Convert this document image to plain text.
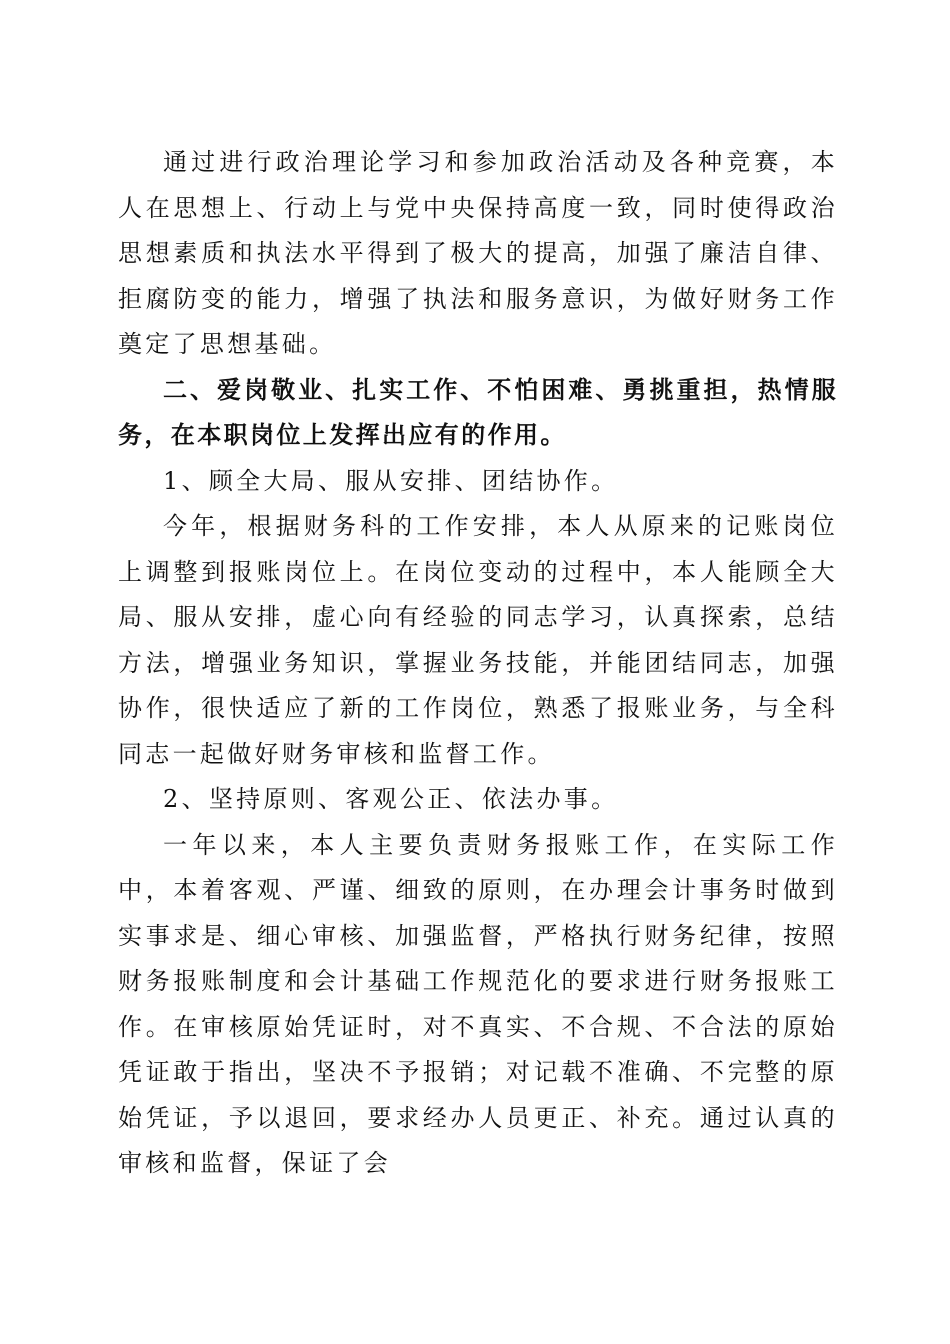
通过进行政治理论学习和参加政治活动及各种竞赛，本人在思想上、行动上与党中央保持高度一致，同时使得政治思想素质和执法水平得到了极大的提高，加强了廉洁自律、拒腐防变的能力，增强了执法和服务意识，为做好财务工作奠定了思想基础。

二、爱岗敬业、扎实工作、不怕困难、勇挑重担，热情服务，在本职岗位上发挥出应有的作用。

1、顾全大局、服从安排、团结协作。

今年，根据财务科的工作安排，本人从原来的记账岗位上调整到报账岗位上。在岗位变动的过程中，本人能顾全大局、服从安排，虚心向有经验的同志学习，认真探索，总结方法，增强业务知识，掌握业务技能，并能团结同志，加强协作，很快适应了新的工作岗位，熟悉了报账业务，与全科同志一起做好财务审核和监督工作。

2、坚持原则、客观公正、依法办事。

一年以来，本人主要负责财务报账工作，在实际工作中，本着客观、严谨、细致的原则，在办理会计事务时做到实事求是、细心审核、加强监督，严格执行财务纪律，按照财务报账制度和会计基础工作规范化的要求进行财务报账工作。在审核原始凭证时，对不真实、不合规、不合法的原始凭证敢于指出，坚决不予报销；对记载不准确、不完整的原始凭证，予以退回，要求经办人员更正、补充。通过认真的审核和监督，保证了会
